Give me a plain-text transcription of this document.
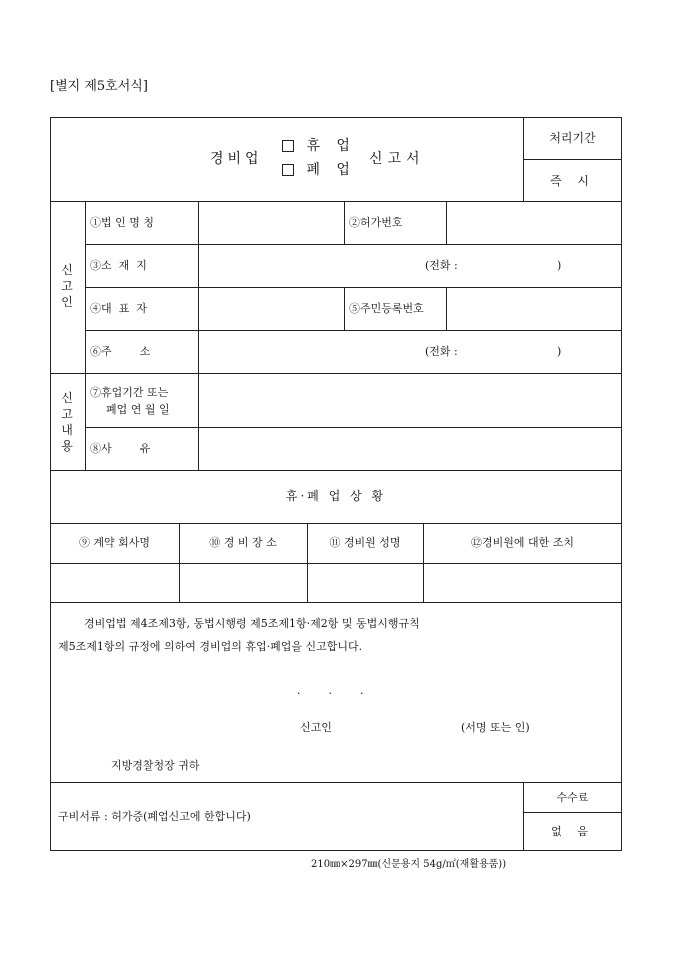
[별지 제5호서식]
경비업
휴 업
폐 업
신고서
처리기간
즉 시
신
고
인
①법 인 명 칭	②허가번호
③소  재  지	(전화 :	)
④대  표  자	⑤주민등록번호
⑥주        소	(전화 :	)
신
고
내
용
⑦휴업기간 또는
폐업 연 월 일
⑧사        유
휴·폐 업 상 황
⑨ 계약 회사명	⑩ 경 비 장 소	⑪ 경비원 성명	⑫경비원에 대한 조치
경비업법 제4조제3항, 동법시행령 제5조제1항·제2항 및 동법시행규칙
제5조제1항의 규정에 의하여 경비업의 휴업·폐업을 신고합니다.
.        .        .
신고인	(서명 또는 인)
지방경찰청장 귀하
구비서류 : 허가증(폐업신고에 한합니다)
수수료
없 음
210㎜×297㎜(신문용지 54g/㎡(재활용품))
